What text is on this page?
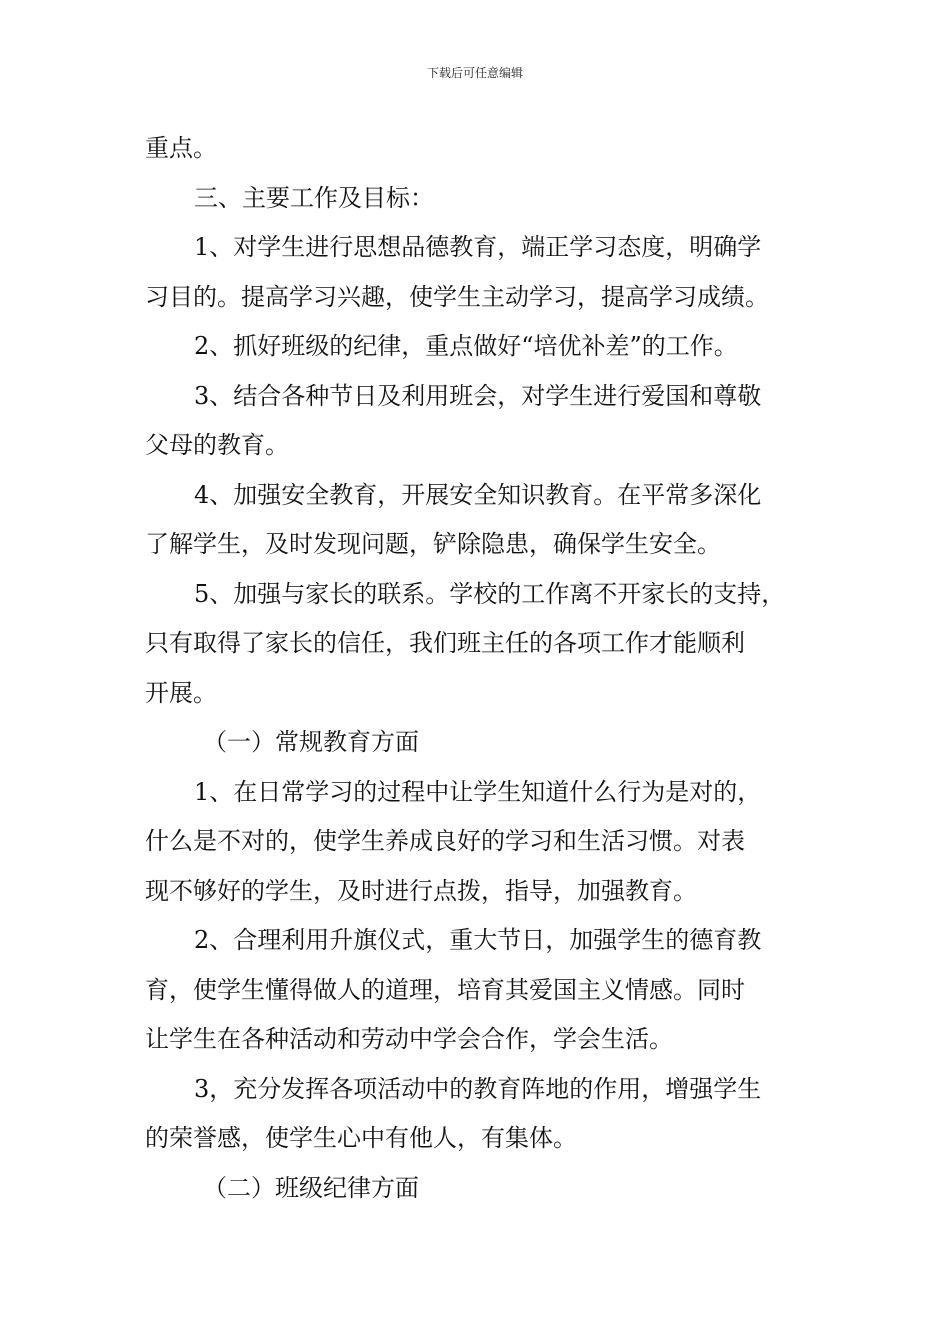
下载后可任意编辑

重点。

三、主要工作及目标：

1、对学生进行思想品德教育，端正学习态度，明确学

习目的。提高学习兴趣，使学生主动学习，提高学习成绩。

2、抓好班级的纪律，重点做好“培优补差”的工作。

3、结合各种节日及利用班会，对学生进行爱国和尊敬

父母的教育。

4、加强安全教育，开展安全知识教育。在平常多深化

了解学生，及时发现问题，铲除隐患，确保学生安全。

5、加强与家长的联系。学校的工作离不开家长的支持，

只有取得了家长的信任，我们班主任的各项工作才能顺利

开展。

（一）常规教育方面

1、在日常学习的过程中让学生知道什么行为是对的，

什么是不对的，使学生养成良好的学习和生活习惯。对表

现不够好的学生，及时进行点拨，指导，加强教育。

2、合理利用升旗仪式，重大节日，加强学生的德育教

育，使学生懂得做人的道理，培育其爱国主义情感。同时

让学生在各种活动和劳动中学会合作，学会生活。

3，充分发挥各项活动中的教育阵地的作用，增强学生

的荣誉感，使学生心中有他人，有集体。

（二）班级纪律方面
